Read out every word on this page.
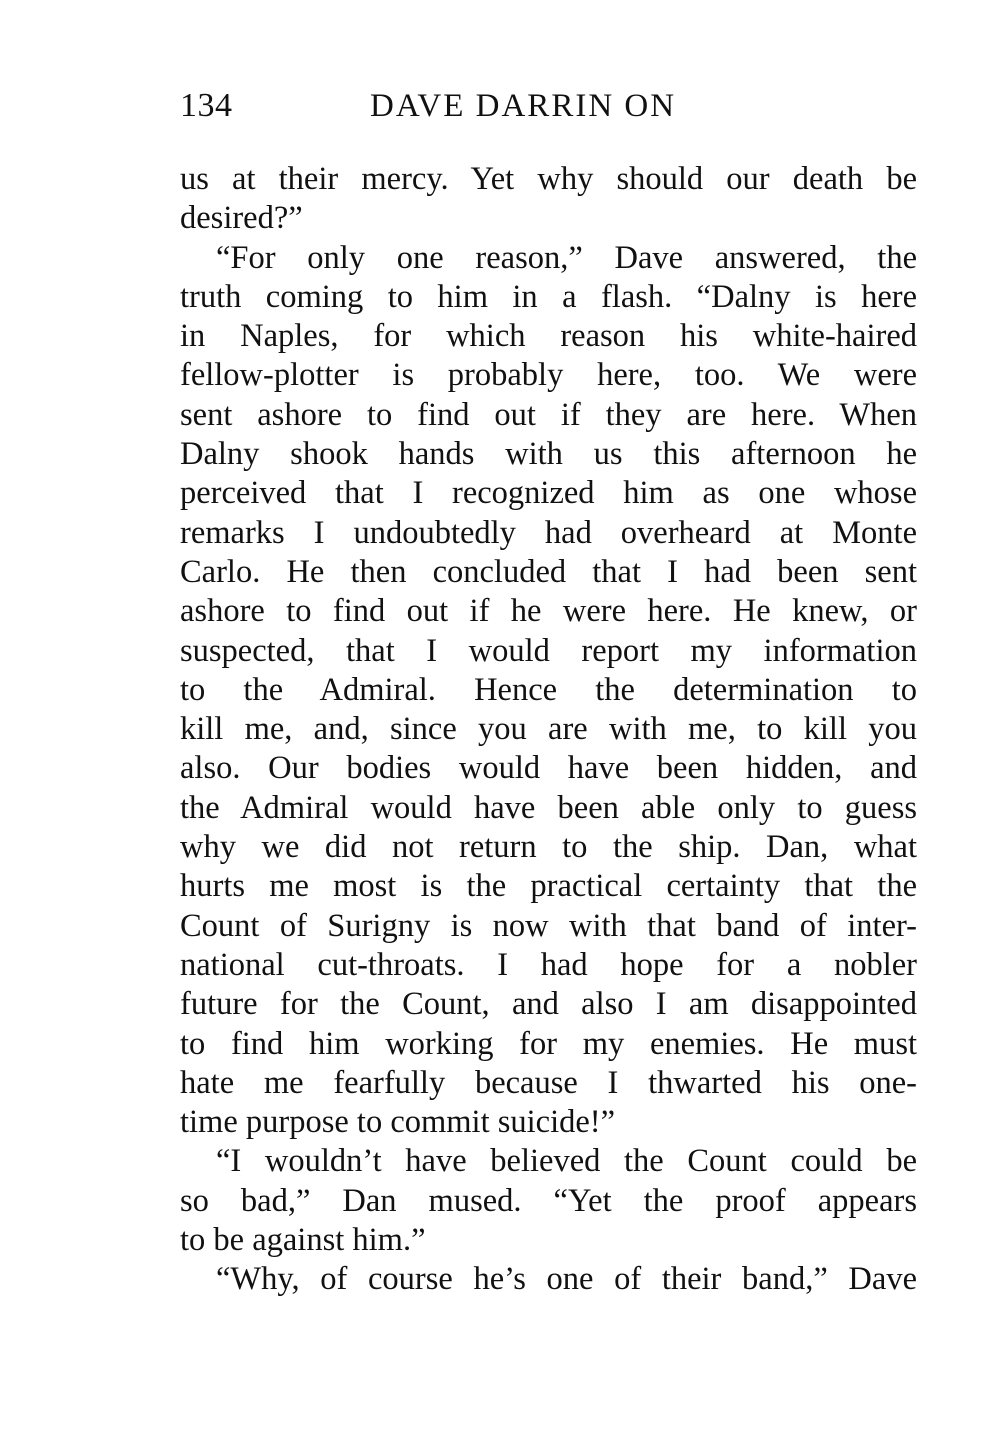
134	DAVE DARRIN ON
us at their mercy. Yet why should our death be
desired?”
“For only one reason,” Dave answered, the
truth coming to him in a flash. “Dalny is here
in Naples, for which reason his white-haired
fellow-plotter is probably here, too. We were
sent ashore to find out if they are here. When
Dalny shook hands with us this afternoon he
perceived that I recognized him as one whose
remarks I undoubtedly had overheard at Monte
Carlo. He then concluded that I had been sent
ashore to find out if he were here. He knew, or
suspected, that I would report my information
to the Admiral. Hence the determination to
kill me, and, since you are with me, to kill you
also. Our bodies would have been hidden, and
the Admiral would have been able only to guess
why we did not return to the ship. Dan, what
hurts me most is the practical certainty that the
Count of Surigny is now with that band of inter-
national cut-throats. I had hope for a nobler
future for the Count, and also I am disappointed
to find him working for my enemies. He must
hate me fearfully because I thwarted his one-
time purpose to commit suicide!”
“I wouldn’t have believed the Count could be
so bad,” Dan mused. “Yet the proof appears
to be against him.”
“Why, of course he’s one of their band,” Dave
